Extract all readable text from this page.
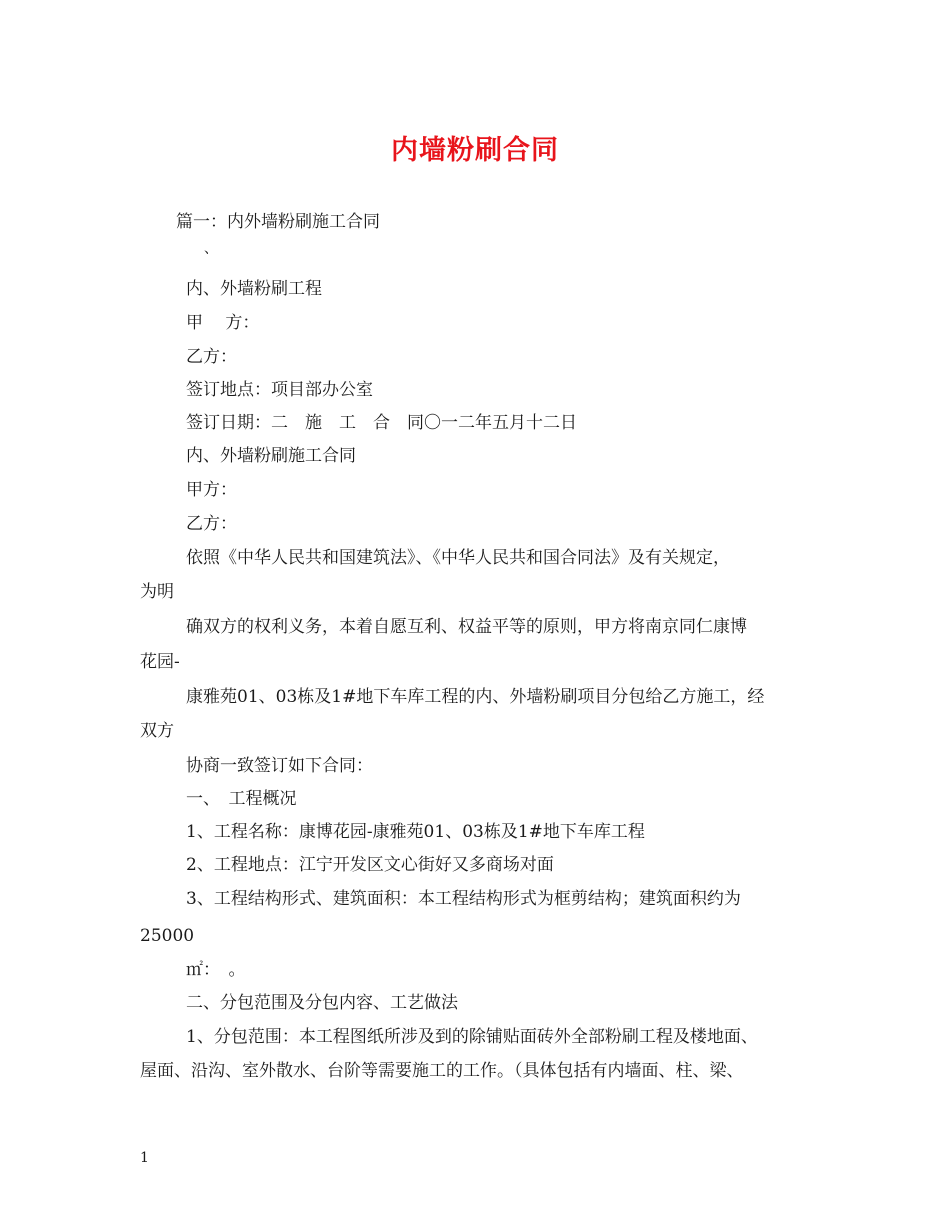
内墙粉刷合同
篇一：内外墙粉刷施工合同
、
内、外墙粉刷工程
甲　 方：
乙方：
签订地点：项目部办公室
签订日期：二　施　工　合　同〇一二年五月十二日
内、外墙粉刷施工合同
甲方：
乙方：
依照《中华人民共和国建筑法》、《中华人民共和国合同法》及有关规定，
为明
确双方的权利义务，本着自愿互利、权益平等的原则，甲方将南京同仁康博
花园-
康雅苑01、03栋及1#地下车库工程的内、外墙粉刷项目分包给乙方施工，经
双方
协商一致签订如下合同：
一、　工程概况
1、工程名称：康博花园-康雅苑01、03栋及1#地下车库工程
2、工程地点：江宁开发区文心街好又多商场对面
3、工程结构形式、建筑面积：本工程结构形式为框剪结构；建筑面积约为
25000
㎡：　。
二、分包范围及分包内容、工艺做法
1、分包范围：本工程图纸所涉及到的除铺贴面砖外全部粉刷工程及楼地面、
屋面、沿沟、室外散水、台阶等需要施工的工作。（具体包括有内墙面、柱、梁、
1
